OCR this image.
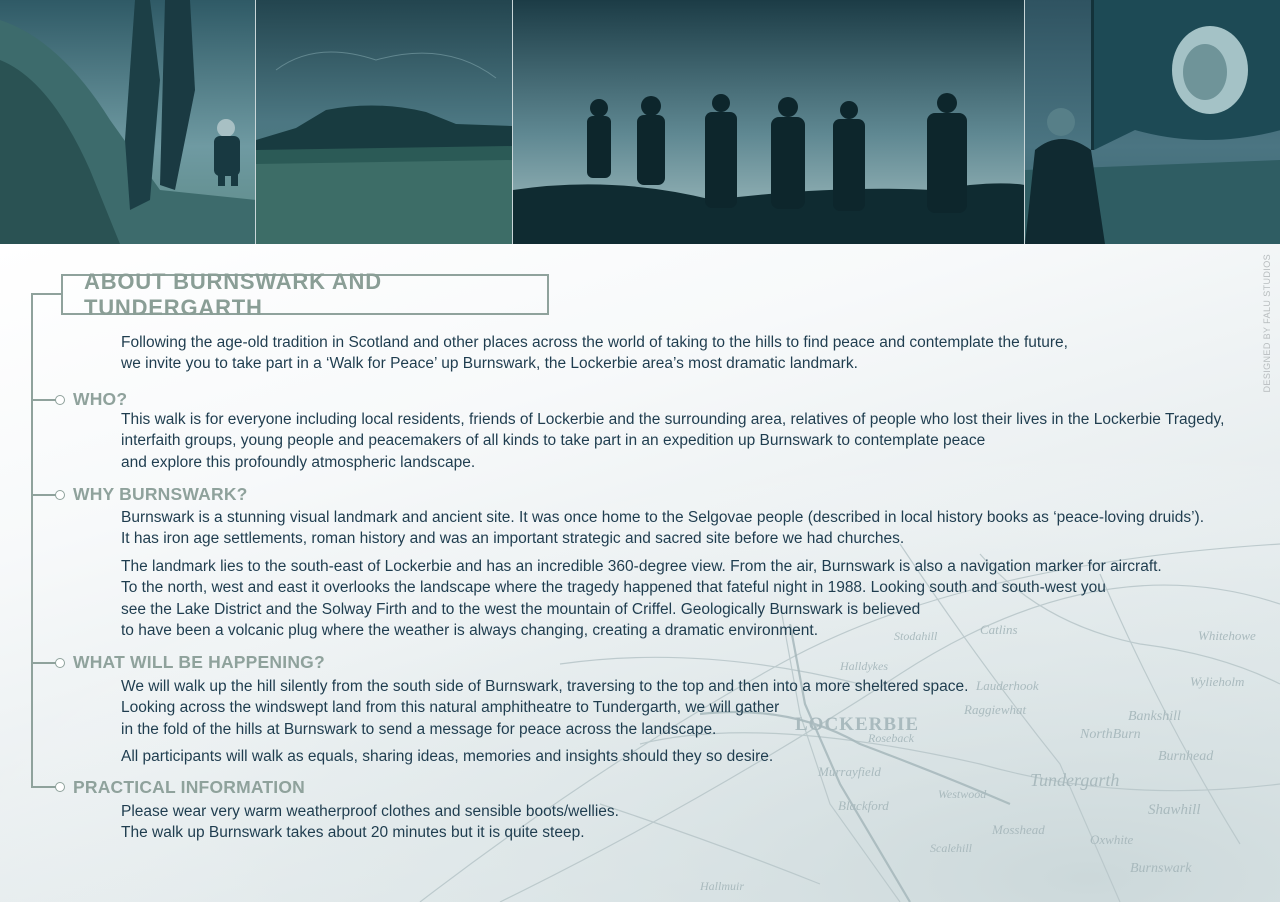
LOCKERBIE
Tundergarth
Burnswark
Shawhill
Burnhead
NorthBurn
Bankshill
Raggiewhat
Lauderhook
Catlins	Whitehowe
Wylieholm
Westwood
Mosshead
Oxwhite
Scalehill
Blackford
Murrayfield
Hallmuir
Roseback
Halldykes
Stodahill
DESIGNED BY FALU STUDIOS
ABOUT BURNSWARK AND TUNDERGARTH

Following the age-old tradition in Scotland and other places across the world of taking to the hills to find peace and contemplate the future,
we invite you to take part in a ‘Walk for Peace’ up Burnswark, the Lockerbie area’s most dramatic landmark.

WHO?

This walk is for everyone including local residents, friends of Lockerbie and the surrounding area, relatives of people who lost their lives in the Lockerbie Tragedy,
interfaith groups, young people and peacemakers of all kinds to take part in an expedition up Burnswark to contemplate peace
and explore this profoundly atmospheric landscape.

WHY BURNSWARK?

Burnswark is a stunning visual landmark and ancient site. It was once home to the Selgovae people (described in local history books as ‘peace-loving druids’).
It has iron age settlements, roman history and was an important strategic and sacred site before we had churches.

The landmark lies to the south-east of Lockerbie and has an incredible 360-degree view. From the air, Burnswark is also a navigation marker for aircraft.
To the north, west and east it overlooks the landscape where the tragedy happened that fateful night in 1988. Looking south and south-west you
see the Lake District and the Solway Firth and to the west the mountain of Criffel. Geologically Burnswark is believed
to have been a volcanic plug where the weather is always changing, creating a dramatic environment.

WHAT WILL BE HAPPENING?

We will walk up the hill silently from the south side of Burnswark, traversing to the top and then into a more sheltered space.
Looking across the windswept land from this natural amphitheatre to Tundergarth, we will gather
in the fold of the hills at Burnswark to send a message for peace across the landscape.

All participants will walk as equals, sharing ideas, memories and insights should they so desire.

PRACTICAL INFORMATION

Please wear very warm weatherproof clothes and sensible boots/wellies.
The walk up Burnswark takes about 20 minutes but it is quite steep.
